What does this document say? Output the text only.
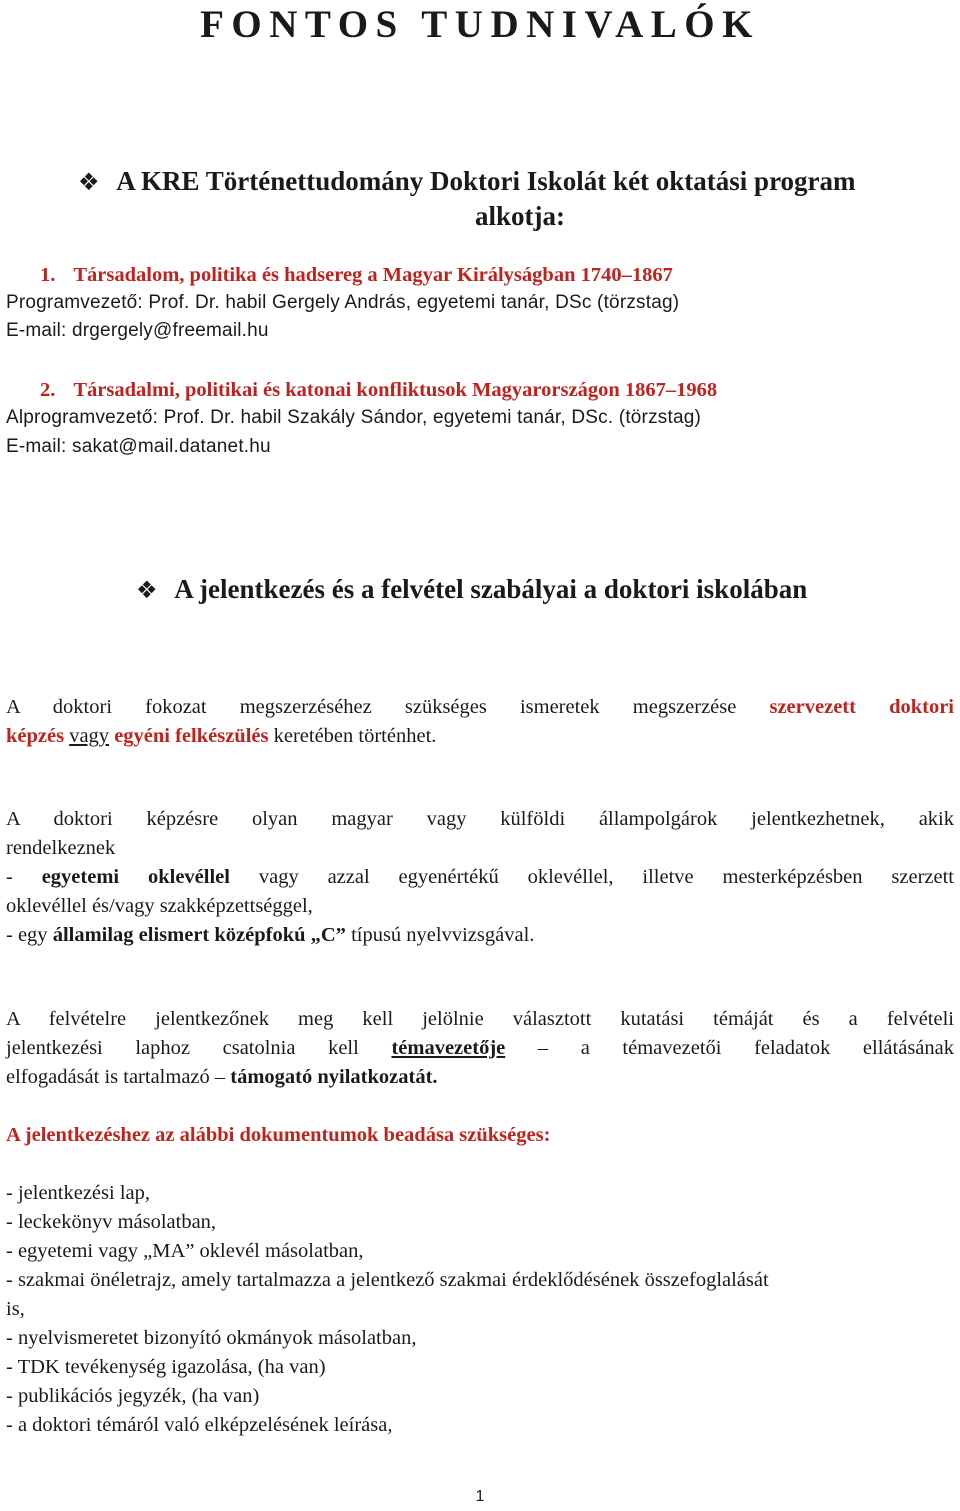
FONTOS TUDNIVALÓK
❖ A KRE Történettudomány Doktori Iskolát két oktatási program
alkotja:
1. Társadalom, politika és hadsereg a Magyar Királyságban 1740–1867
Programvezető: Prof. Dr. habil Gergely András, egyetemi tanár, DSc (törzstag)
E-mail: drgergely@freemail.hu
2. Társadalmi, politikai és katonai konfliktusok Magyarországon 1867–1968
Alprogramvezető: Prof. Dr. habil Szakály Sándor, egyetemi tanár, DSc. (törzstag)
E-mail: sakat@mail.datanet.hu
❖ A jelentkezés és a felvétel szabályai a doktori iskolában
A doktori fokozat megszerzéséhez szükséges ismeretek megszerzése szervezett doktori
képzés vagy egyéni felkészülés keretében történhet.
A doktori képzésre olyan magyar vagy külföldi állampolgárok jelentkezhetnek, akik
rendelkeznek
- egyetemi oklevéllel vagy azzal egyenértékű oklevéllel, illetve mesterképzésben szerzett
oklevéllel és/vagy szakképzettséggel,
- egy államilag elismert középfokú „C” típusú nyelvvizsgával.
A felvételre jelentkezőnek meg kell jelölnie választott kutatási témáját és a felvételi
jelentkezési laphoz csatolnia kell témavezetője – a témavezetői feladatok ellátásának
elfogadását is tartalmazó – támogató nyilatkozatát.
A jelentkezéshez az alábbi dokumentumok beadása szükséges:
- jelentkezési lap,
- leckekönyv másolatban,
- egyetemi vagy „MA” oklevél másolatban,
- szakmai önéletrajz, amely tartalmazza a jelentkező szakmai érdeklődésének összefoglalását
is,
- nyelvismeretet bizonyító okmányok másolatban,
- TDK tevékenység igazolása, (ha van)
- publikációs jegyzék, (ha van)
- a doktori témáról való elképzelésének leírása,
1
